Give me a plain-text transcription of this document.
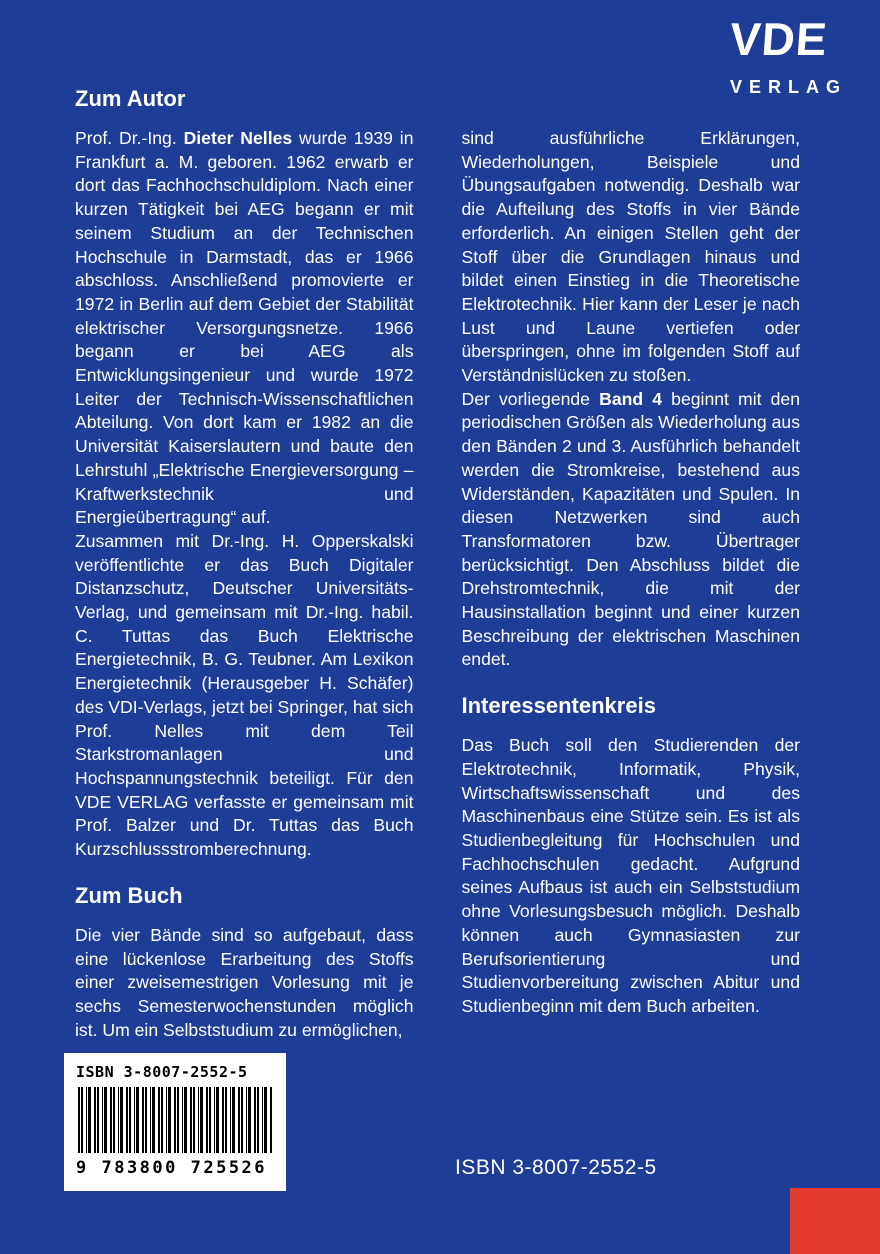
VDE
VERLAG
Zum Autor

Prof. Dr.-Ing. Dieter Nelles wurde 1939 in Frankfurt a. M. geboren. 1962 erwarb er dort das Fachhochschuldiplom. Nach einer kurzen Tätigkeit bei AEG begann er mit seinem Studium an der Technischen Hochschule in Darmstadt, das er 1966 abschloss. Anschließend promovierte er 1972 in Berlin auf dem Gebiet der Stabilität elektrischer Versorgungsnetze. 1966 begann er bei AEG als Entwicklungsingenieur und wurde 1972 Leiter der Technisch-Wissenschaftlichen Abteilung. Von dort kam er 1982 an die Universität Kaiserslautern und baute den Lehrstuhl „Elektrische Energieversorgung – Kraftwerkstechnik und Energieübertragung“ auf.

Zusammen mit Dr.-Ing. H. Opperskalski veröffentlichte er das Buch Digitaler Distanzschutz, Deutscher Universitäts-Verlag, und gemeinsam mit Dr.-Ing. habil. C. Tuttas das Buch Elektrische Energietechnik, B. G. Teubner. Am Lexikon Energietechnik (Herausgeber H. Schäfer) des VDI-Verlags, jetzt bei Springer, hat sich Prof. Nelles mit dem Teil Starkstromanlagen und Hochspannungstechnik beteiligt. Für den VDE VERLAG verfasste er gemeinsam mit Prof. Balzer und Dr. Tuttas das Buch Kurzschlussstromberechnung.

Zum Buch

Die vier Bände sind so aufgebaut, dass eine lückenlose Erarbeitung des Stoffs einer zweisemestrigen Vorlesung mit je sechs Semesterwochenstunden möglich ist. Um ein Selbststudium zu ermöglichen,

sind ausführliche Erklärungen, Wiederholungen, Beispiele und Übungsaufgaben notwendig. Deshalb war die Aufteilung des Stoffs in vier Bände erforderlich. An einigen Stellen geht der Stoff über die Grundlagen hinaus und bildet einen Einstieg in die Theoretische Elektrotechnik. Hier kann der Leser je nach Lust und Laune vertiefen oder überspringen, ohne im folgenden Stoff auf Verständnislücken zu stoßen.

Der vorliegende Band 4 beginnt mit den periodischen Größen als Wiederholung aus den Bänden 2 und 3. Ausführlich behandelt werden die Stromkreise, bestehend aus Widerständen, Kapazitäten und Spulen. In diesen Netzwerken sind auch Transformatoren bzw. Übertrager berücksichtigt. Den Abschluss bildet die Drehstromtechnik, die mit der Hausinstallation beginnt und einer kurzen Beschreibung der elektrischen Maschinen endet.

Interessentenkreis

Das Buch soll den Studierenden der Elektrotechnik, Informatik, Physik, Wirtschaftswissenschaft und des Maschinenbaus eine Stütze sein. Es ist als Studienbegleitung für Hochschulen und Fachhochschulen gedacht. Aufgrund seines Aufbaus ist auch ein Selbststudium ohne Vorlesungsbesuch möglich. Deshalb können auch Gymnasiasten zur Berufsorientierung und Studienvorbereitung zwischen Abitur und Studienbeginn mit dem Buch arbeiten.

ISBN 3-8007-2552-5
9 783800 725526	ISBN 3-8007-2552-5
